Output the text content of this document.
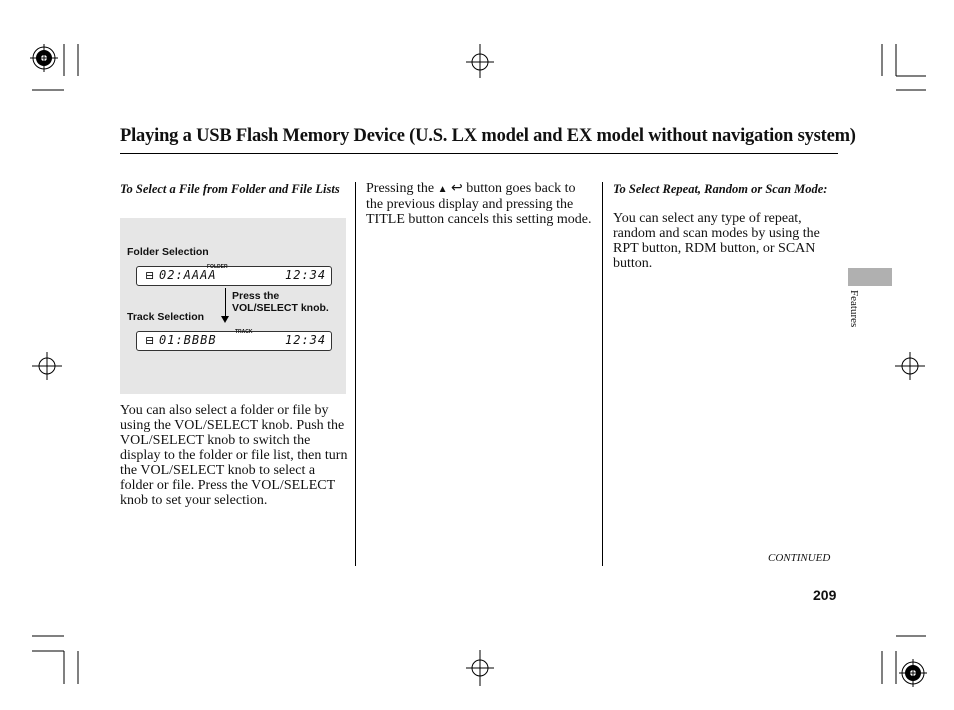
Playing a USB Flash Memory Device (U.S. LX model and EX model without navigation system)
To Select a File from Folder and File Lists
Folder Selection
FOLDER
⊟ 02:AAAA	12:34
Press the
VOL/SELECT knob.
Track Selection
TRACK
⊟ 01:BBBB	12:34
You can also select a folder or file by using the VOL/SELECT knob. Push the VOL/SELECT knob to switch the display to the folder or file list, then turn the VOL/SELECT knob to select a folder or file. Press the VOL/SELECT knob to set your selection.
Pressing the ▲ ↩ button goes back to the previous display and pressing the TITLE button cancels this setting mode.
To Select Repeat, Random or Scan Mode:
You can select any type of repeat, random and scan modes by using the RPT button, RDM button, or SCAN button.
Features
CONTINUED
209
